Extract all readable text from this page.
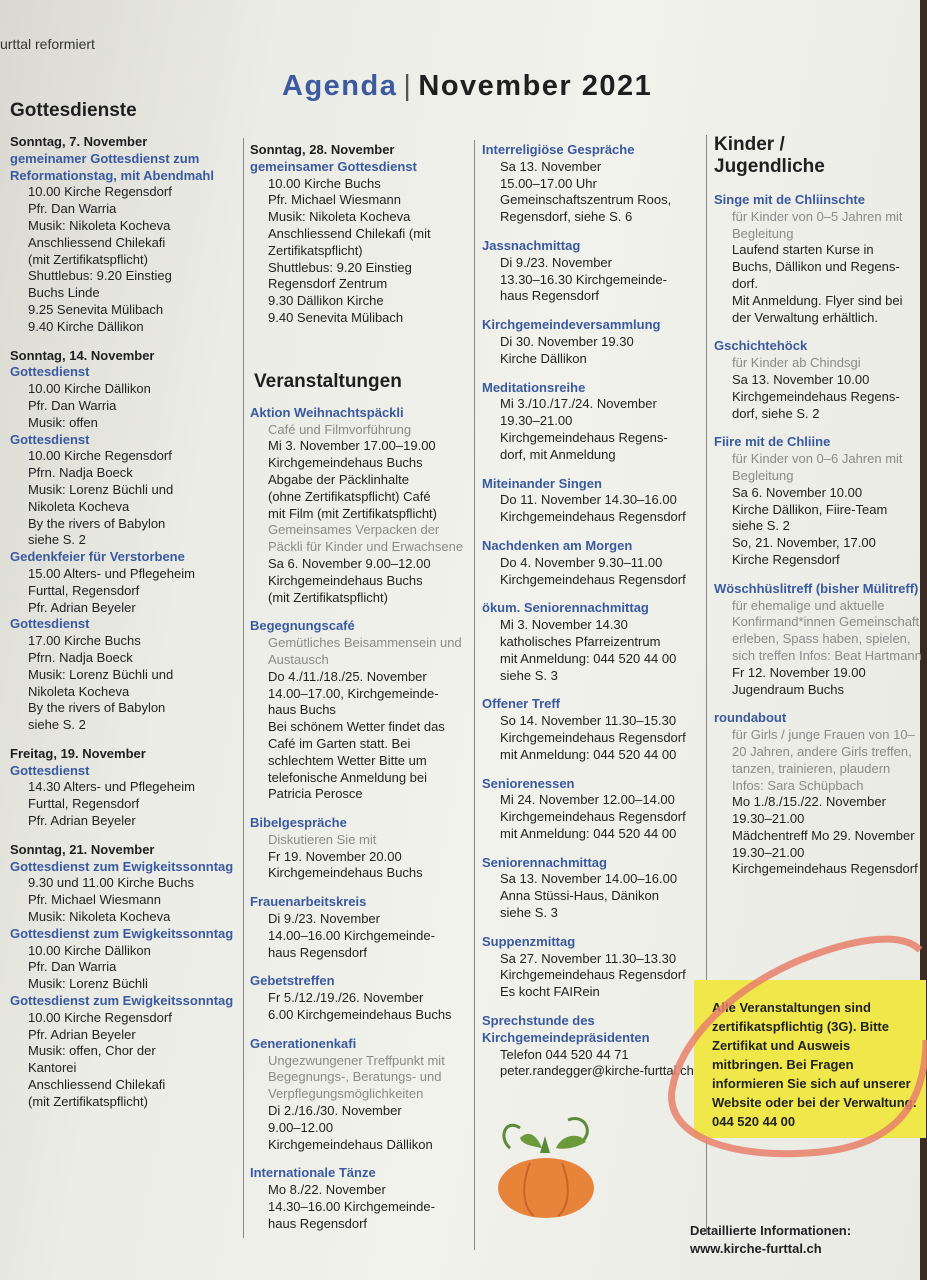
urttal reformiert
Agenda | November 2021
Gottesdienste
Sonntag, 7. November
gemeinamer Gottesdienst zum Reformationstag, mit Abendmahl
10.00 Kirche Regensdorf
Pfr. Dan Warria
Musik: Nikoleta Kocheva
Anschliessend Chilekafi
(mit Zertifikatspflicht)
Shuttlebus: 9.20 Einstieg
Buchs Linde
9.25 Senevita Mülibach
9.40 Kirche Dällikon
Sonntag, 14. November
Gottesdienst
10.00 Kirche Dällikon
Pfr. Dan Warria
Musik: offen
Gottesdienst
10.00 Kirche Regensdorf
Pfrn. Nadja Boeck
Musik: Lorenz Büchli und
Nikoleta Kocheva
By the rivers of Babylon
siehe S. 2
Gedenkfeier für Verstorbene
15.00 Alters- und Pflegeheim
Furttal, Regensdorf
Pfr. Adrian Beyeler
Gottesdienst
17.00 Kirche Buchs
Pfrn. Nadja Boeck
Musik: Lorenz Büchli und
Nikoleta Kocheva
By the rivers of Babylon
siehe S. 2
Freitag, 19. November
Gottesdienst
14.30 Alters- und Pflegeheim
Furttal, Regensdorf
Pfr. Adrian Beyeler
Sonntag, 21. November
Gottesdienst zum Ewigkeitssonntag
9.30 und 11.00 Kirche Buchs
Pfr. Michael Wiesmann
Musik: Nikoleta Kocheva
Gottesdienst zum Ewigkeitssonntag
10.00 Kirche Dällikon
Pfr. Dan Warria
Musik: Lorenz Büchli
Gottesdienst zum Ewigkeitssonntag
10.00 Kirche Regensdorf
Pfr. Adrian Beyeler
Musik: offen, Chor der
Kantorei
Anschliessend Chilekafi
(mit Zertifikatspflicht)
Sonntag, 28. November
gemeinsamer Gottesdienst
10.00 Kirche Buchs
Pfr. Michael Wiesmann
Musik: Nikoleta Kocheva
Anschliessend Chilekafi (mit
Zertifikatspflicht)
Shuttlebus: 9.20 Einstieg
Regensdorf Zentrum
9.30 Dällikon Kirche
9.40 Senevita Mülibach
Veranstaltungen
Aktion Weihnachtspäckli
Café und Filmvorführung
Mi 3. November 17.00–19.00
Kirchgemeindehaus Buchs
Abgabe der Päcklinhalte
(ohne Zertifikatspflicht) Café
mit Film (mit Zertifikatspflicht)
Gemeinsames Verpacken der Päckli für Kinder und Erwachsene
Sa 6. November 9.00–12.00
Kirchgemeindehaus Buchs
(mit Zertifikatspflicht)
Begegnungscafé
Gemütliches Beisammensein und Austausch
Do 4./11./18./25. November
14.00–17.00, Kirchgemeinde-
haus Buchs
Bei schönem Wetter findet das
Café im Garten statt. Bei
schlechtem Wetter Bitte um
telefonische Anmeldung bei
Patricia Perosce
Bibelgespräche
Diskutieren Sie mit
Fr 19. November 20.00
Kirchgemeindehaus Buchs
Frauenarbeitskreis
Di 9./23. November
14.00–16.00 Kirchgemeinde-
haus Regensdorf
Gebetstreffen
Fr 5./12./19./26. November
6.00 Kirchgemeindehaus Buchs
Generationenkafi
Ungezwungener Treffpunkt mit Begegnungs-, Beratungs- und Verpflegungsmöglichkeiten
Di 2./16./30. November
9.00–12.00
Kirchgemeindehaus Dällikon
Internationale Tänze
Mo 8./22. November
14.30–16.00 Kirchgemeinde-
haus Regensdorf
Interreligiöse Gespräche
Sa 13. November
15.00–17.00 Uhr
Gemeinschaftszentrum Roos,
Regensdorf, siehe S. 6
Jassnachmittag
Di 9./23. November
13.30–16.30 Kirchgemeinde-
haus Regensdorf
Kirchgemeindeversammlung
Di 30. November 19.30
Kirche Dällikon
Meditationsreihe
Mi 3./10./17./24. November
19.30–21.00
Kirchgemeindehaus Regens-
dorf, mit Anmeldung
Miteinander Singen
Do 11. November 14.30–16.00
Kirchgemeindehaus Regensdorf
Nachdenken am Morgen
Do 4. November 9.30–11.00
Kirchgemeindehaus Regensdorf
ökum. Seniorennachmittag
Mi 3. November 14.30
katholisches Pfarreizentrum
mit Anmeldung: 044 520 44 00
siehe S. 3
Offener Treff
So 14. November 11.30–15.30
Kirchgemeindehaus Regensdorf
mit Anmeldung: 044 520 44 00
Seniorenessen
Mi 24. November 12.00–14.00
Kirchgemeindehaus Regensdorf
mit Anmeldung: 044 520 44 00
Seniorennachmittag
Sa 13. November 14.00–16.00
Anna Stüssi-Haus, Dänikon
siehe S. 3
Suppenzmittag
Sa 27. November 11.30–13.30
Kirchgemeindehaus Regensdorf
Es kocht FAIRein
Sprechstunde des Kirchgemeindepräsidenten
Telefon 044 520 44 71
peter.randegger@kirche-furttal.ch
Kinder / Jugendliche
Singe mit de Chliinschte
für Kinder von 0–5 Jahren mit Begleitung
Laufend starten Kurse in
Buchs, Dällikon und Regens-
dorf.
Mit Anmeldung. Flyer sind bei
der Verwaltung erhältlich.
Gschichtehöck
für Kinder ab Chindsgi
Sa 13. November 10.00
Kirchgemeindehaus Regens-
dorf, siehe S. 2
Fiire mit de Chliine
für Kinder von 0–6 Jahren mit Begleitung
Sa 6. November 10.00
Kirche Dällikon, Fiire-Team
siehe S. 2
So, 21. November, 17.00
Kirche Regensdorf
Wöschhüslitreff (bisher Mülitreff)
für ehemalige und aktuelle Konfirmand*innen Gemeinschaft erleben, Spass haben, spielen, sich treffen Infos: Beat Hartmann
Fr 12. November 19.00
Jugendraum Buchs
roundabout
für Girls / junge Frauen von 10–20 Jahren, andere Girls treffen, tanzen, trainieren, plaudern Infos: Sara Schüpbach
Mo 1./8./15./22. November
19.30–21.00
Mädchentreff Mo 29. November
19.30–21.00
Kirchgemeindehaus Regensdorf
Alle Veranstaltungen sind zertifikatspflichtig (3G). Bitte Zertifikat und Ausweis mitbringen. Bei Fragen informieren Sie sich auf unserer Website oder bei der Verwaltung: 044 520 44 00
Detaillierte Informationen:
www.kirche-furttal.ch
